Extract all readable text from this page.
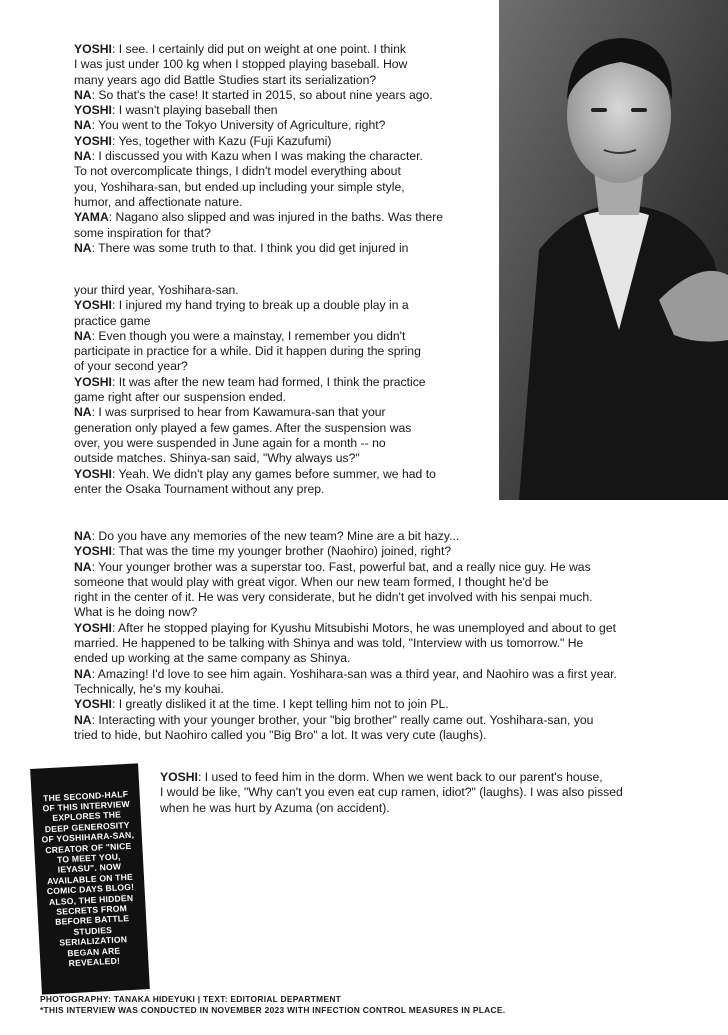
YOSHI: I see. I certainly did put on weight at one point. I think
I was just under 100 kg when I stopped playing baseball. How
many years ago did Battle Studies start its serialization?
NA: So that's the case! It started in 2015, so about nine years ago.
YOSHI: I wasn't playing baseball then
NA: You went to the Tokyo University of Agriculture, right?
YOSHI: Yes, together with Kazu (Fuji Kazufumi)
NA: I discussed you with Kazu when I was making the character.
To not overcomplicate things, I didn't model everything about
you, Yoshihara-san, but ended up including your simple style,
humor, and affectionate nature.
YAMA: Nagano also slipped and was injured in the baths. Was there
some inspiration for that?
NA: There was some truth to that. I think you did get injured in
your third year, Yoshihara-san.
YOSHI: I injured my hand trying to break up a double play in a
practice game
NA: Even though you were a mainstay, I remember you didn't
participate in practice for a while. Did it happen during the spring
of your second year?
YOSHI: It was after the new team had formed, I think the practice
game right after our suspension ended.
NA: I was surprised to hear from Kawamura-san that your
generation only played a few games. After the suspension was
over, you were suspended in June again for a month -- no
outside matches. Shinya-san said, "Why always us?"
YOSHI: Yeah. We didn't play any games before summer, we had to
enter the Osaka Tournament without any prep.
NA: Do you have any memories of the new team? Mine are a bit hazy...
YOSHI: That was the time my younger brother (Naohiro) joined, right?
NA: Your younger brother was a superstar too. Fast, powerful bat, and a really nice guy. He was
someone that would play with great vigor. When our new team formed, I thought he'd be
right in the center of it. He was very considerate, but he didn't get involved with his senpai much.
What is he doing now?
YOSHI: After he stopped playing for Kyushu Mitsubishi Motors, he was unemployed and about to get
married. He happened to be talking with Shinya and was told, "Interview with us tomorrow." He
ended up working at the same company as Shinya.
NA: Amazing! I'd love to see him again. Yoshihara-san was a third year, and Naohiro was a first year.
Technically, he's my kouhai.
YOSHI: I greatly disliked it at the time. I kept telling him not to join PL.
NA: Interacting with your younger brother, your "big brother" really came out. Yoshihara-san, you
tried to hide, but Naohiro called you "Big Bro" a lot. It was very cute (laughs).
THE SECOND-HALF
OF THIS INTERVIEW
EXPLORES THE
DEEP GENEROSITY
OF YOSHIHARA-SAN,
CREATOR OF "NICE
TO MEET YOU,
IEYASU". NOW
AVAILABLE ON THE
COMIC DAYS BLOG!
ALSO, THE HIDDEN
SECRETS FROM
BEFORE BATTLE
STUDIES
SERIALIZATION
BEGAN ARE
REVEALED!
YOSHI: I used to feed him in the dorm. When we went back to our parent's house,
I would be like, "Why can't you even eat cup ramen, idiot?" (laughs). I was also pissed
when he was hurt by Azuma (on accident).
PHOTOGRAPHY: TANAKA HIDEYUKI | TEXT: EDITORIAL DEPARTMENT
*THIS INTERVIEW WAS CONDUCTED IN NOVEMBER 2023 WITH INFECTION CONTROL MEASURES IN PLACE.
